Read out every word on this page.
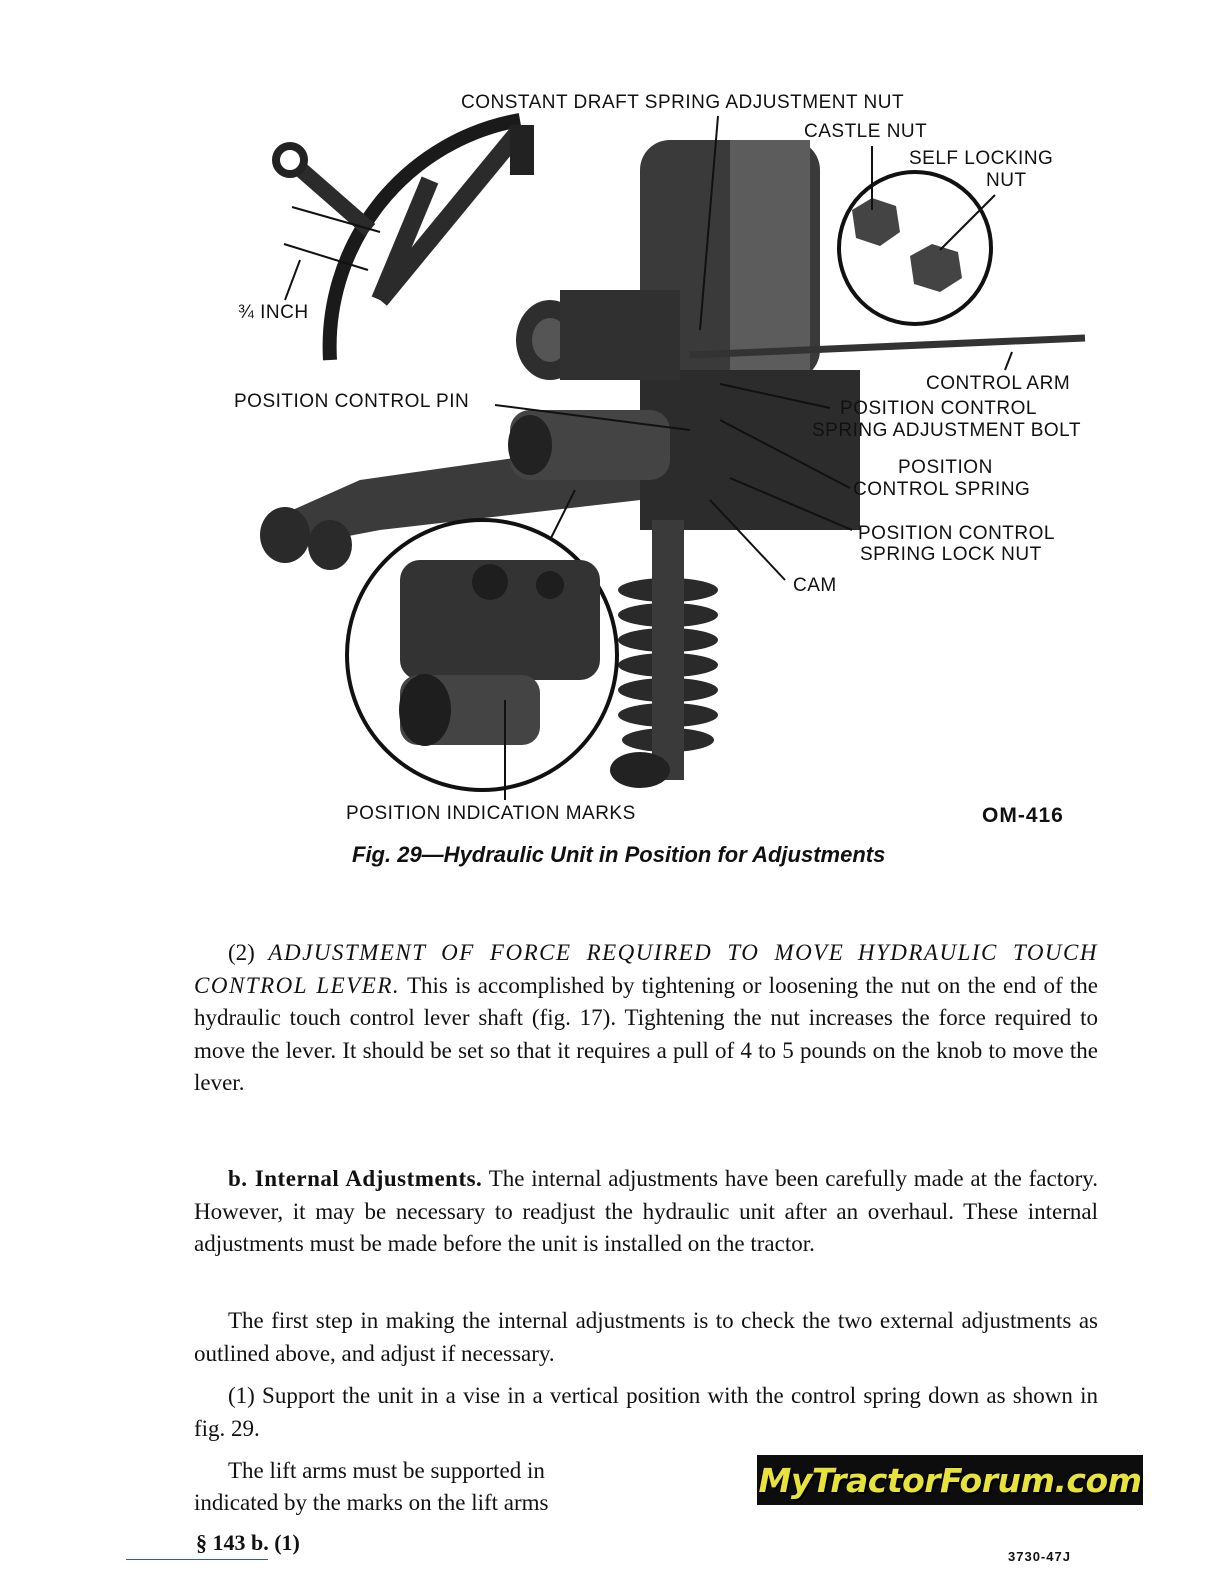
CONSTANT DRAFT SPRING ADJUSTMENT NUT
CASTLE NUT
SELF LOCKING
NUT
¾ INCH
POSITION CONTROL PIN
CONTROL ARM
POSITION CONTROL
SPRING ADJUSTMENT BOLT
POSITION
CONTROL SPRING
POSITION CONTROL
SPRING LOCK NUT
CAM
POSITION INDICATION MARKS	OM-416
Fig. 29—Hydraulic Unit in Position for Adjustments
(2) ADJUSTMENT OF FORCE REQUIRED TO MOVE HYDRAULIC TOUCH CONTROL LEVER. This is accomplished by tightening or loosening the nut on the end of the hydraulic touch control lever shaft (fig. 17). Tightening the nut increases the force required to move the lever. It should be set so that it requires a pull of 4 to 5 pounds on the knob to move the lever.
b. Internal Adjustments. The internal adjustments have been carefully made at the factory. However, it may be necessary to readjust the hydraulic unit after an overhaul. These internal adjustments must be made before the unit is installed on the tractor.
The first step in making the internal adjustments is to check the two external adjustments as outlined above, and adjust if necessary.
(1) Support the unit in a vise in a vertical position with the control spring down as shown in fig. 29.
The lift arms must be supported in
indicated by the marks on the lift arms
MyTractorForum.com
§ 143 b. (1)
3730-47J
